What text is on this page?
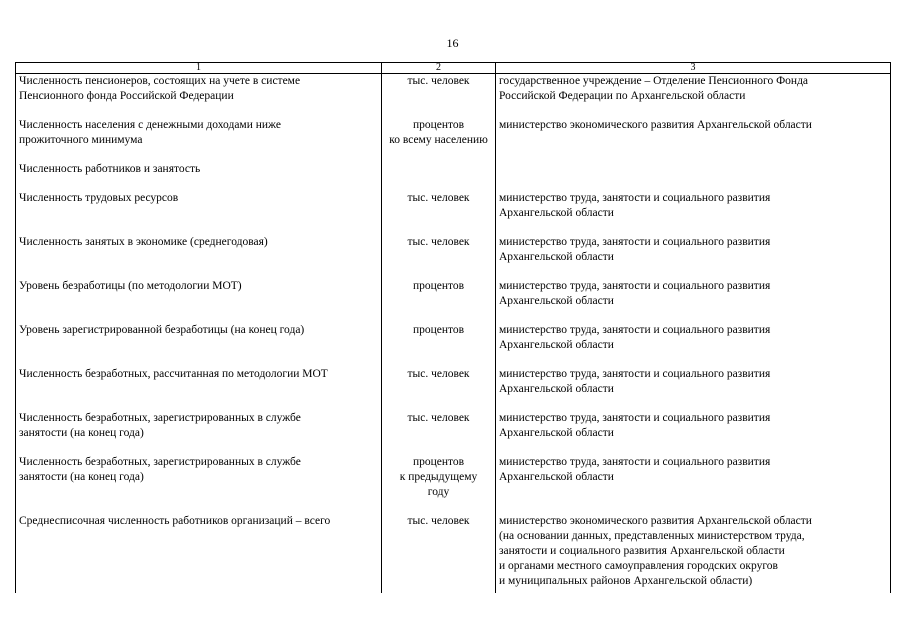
16
1	2	3

Численность пенсионеров, состоящих на учете в системе
Пенсионного фонда Российской Федерации	тыс. человек	государственное учреждение – Отделение Пенсионного Фонда
Российской Федерации по Архангельской области

Численность населения с денежными доходами ниже
прожиточного минимума	процентов
ко всему населению	министерство экономического развития Архангельской области

Численность работников и занятость		

Численность трудовых ресурсов	тыс. человек	министерство труда, занятости и социального развития
Архангельской области

Численность занятых в экономике (среднегодовая)	тыс. человек	министерство труда, занятости и социального развития
Архангельской области

Уровень безработицы (по методологии МОТ)	процентов	министерство труда, занятости и социального развития
Архангельской области

Уровень зарегистрированной безработицы (на конец года)	процентов	министерство труда, занятости и социального развития
Архангельской области

Численность безработных, рассчитанная по методологии МОТ	тыс. человек	министерство труда, занятости и социального развития
Архангельской области

Численность безработных, зарегистрированных в службе
занятости (на конец года)	тыс. человек	министерство труда, занятости и социального развития
Архангельской области

Численность безработных, зарегистрированных в службе
занятости (на конец года)	процентов
к предыдущему
году	министерство труда, занятости и социального развития
Архангельской области

Среднесписочная численность работников организаций – всего	тыс. человек	министерство экономического развития Архангельской области
(на основании данных, представленных министерством труда,
занятости и социального развития Архангельской области
и органами местного самоуправления городских округов
и муниципальных районов Архангельской области)
